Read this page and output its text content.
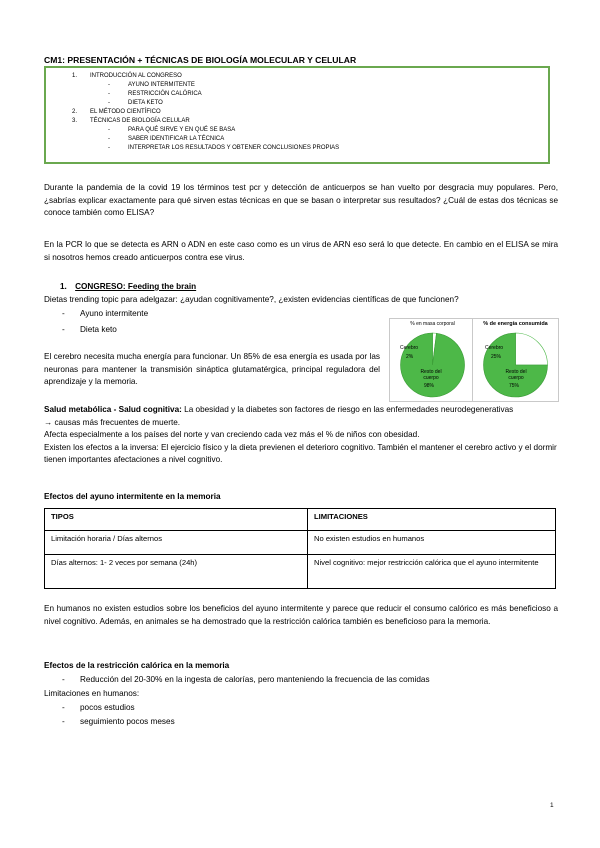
CM1: PRESENTACIÓN + TÉCNICAS DE BIOLOGÍA MOLECULAR Y CELULAR
1. INTRODUCCIÓN AL CONGRESO
-	AYUNO INTERMITENTE
-	RESTRICCIÓN CALÓRICA
-	DIETA KETO
2. EL MÉTODO CIENTÍFICO
3. TÉCNICAS DE BIOLOGÍA CELULAR
-	PARA QUÉ SIRVE Y EN QUÉ SE BASA
-	SABER IDENTIFICAR LA TÉCNICA
-	INTERPRETAR LOS RESULTADOS Y OBTENER CONCLUSIONES PROPIAS
Durante la pandemia de la covid 19 los términos test pcr y detección de anticuerpos se han vuelto por desgracia muy populares. Pero, ¿sabrías explicar exactamente para qué sirven estas técnicas en que se basan o interpretar sus resultados? ¿Cuál de estas dos técnicas se conoce también como ELISA?
En la PCR lo que se detecta es ARN o ADN en este caso como es un virus de ARN eso será lo que detecte. En cambio en el ELISA se mira si nosotros hemos creado anticuerpos contra ese virus.
1. CONGRESO: Feeding the brain
Dietas trending topic para adelgazar: ¿ayudan cognitivamente?, ¿existen evidencias científicas de que funcionen?
- Ayuno intermitente
- Dieta keto
El cerebro necesita mucha energía para funcionar. Un 85% de esa energía es usada por las neuronas para mantener la transmisión sináptica glutamatérgica, principal reguladora del aprendizaje y la memoria.
% en masa corporal
Cerebro
2%
Resto del cuerpo
98%
% de energía consumida
Cerebro
25%
Resto del cuerpo
75%
Salud metabólica - Salud cognitiva: La obesidad y la diabetes son factores de riesgo en las enfermedades neurodegenerativas
→ causas más frecuentes de muerte.
Afecta especialmente a los países del norte y van creciendo cada vez más el % de niños con obesidad.
Existen los efectos a la inversa: El ejercicio físico y la dieta previenen el deterioro cognitivo. También el mantener el cerebro activo y el dormir tienen importantes afectaciones a nivel cognitivo.
Efectos del ayuno intermitente en la memoria
TIPOS	LIMITACIONES
Limitación horaria / Días alternos	No existen estudios en humanos
Días alternos: 1- 2 veces por semana (24h)	Nivel cognitivo: mejor restricción calórica que el ayuno intermitente
En humanos no existen estudios sobre los beneficios del ayuno intermitente y parece que reducir el consumo calórico es más beneficioso a nivel cognitivo. Además, en animales se ha demostrado que la restricción calórica también es beneficioso para la memoria.
Efectos de la restricción calórica en la memoria
- Reducción del 20-30% en la ingesta de calorías, pero manteniendo la frecuencia de las comidas
Limitaciones en humanos:
- pocos estudios
- seguimiento pocos meses
1
